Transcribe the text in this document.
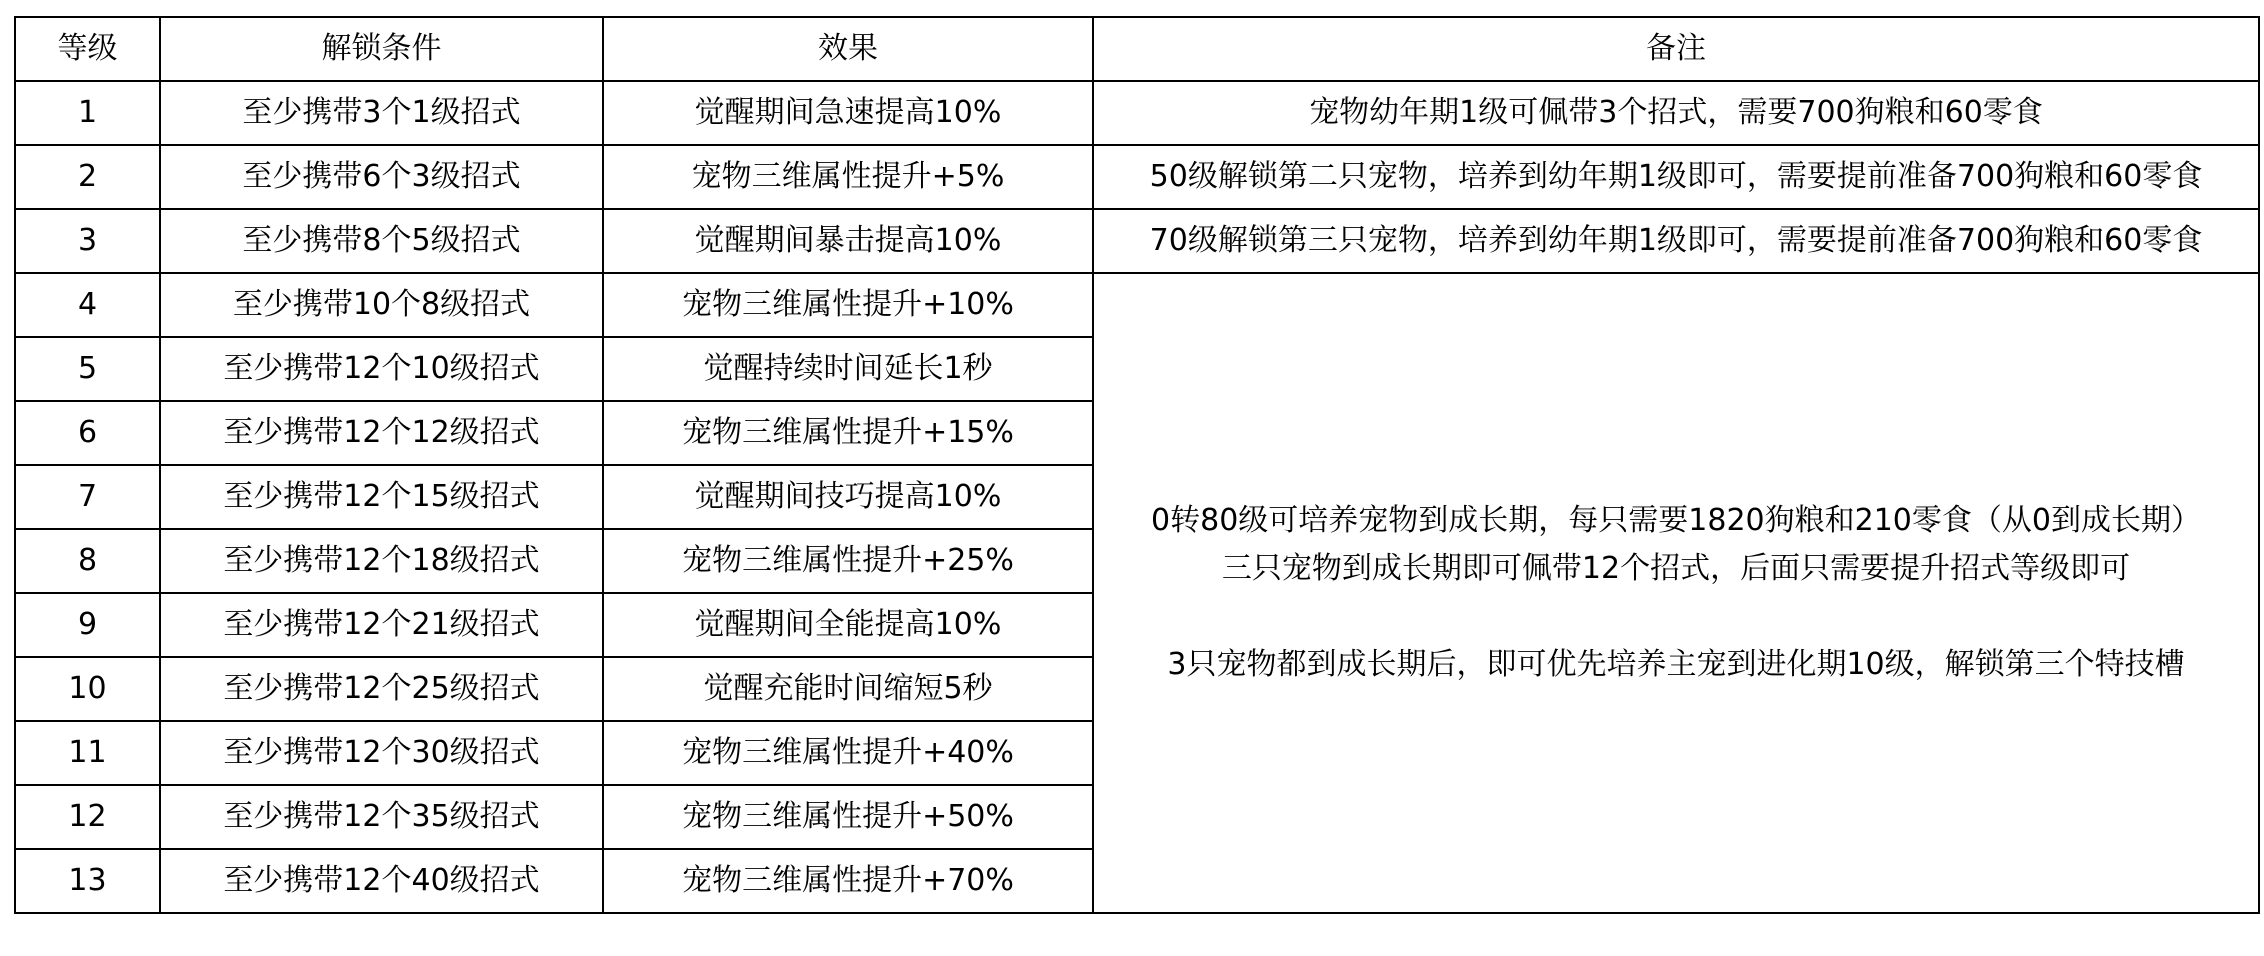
等级	解锁条件	效果	备注
1	至少携带3个1级招式	觉醒期间急速提高10%	宠物幼年期1级可佩带3个招式，需要700狗粮和60零食
2	至少携带6个3级招式	宠物三维属性提升+5%	50级解锁第二只宠物，培养到幼年期1级即可，需要提前准备700狗粮和60零食
3	至少携带8个5级招式	觉醒期间暴击提高10%	70级解锁第三只宠物，培养到幼年期1级即可，需要提前准备700狗粮和60零食
4	至少携带10个8级招式	宠物三维属性提升+10%	0转80级可培养宠物到成长期，每只需要1820狗粮和210零食（从0到成长期）
三只宠物到成长期即可佩带12个招式，后面只需要提升招式等级即可
3只宠物都到成长期后，即可优先培养主宠到进化期10级，解锁第三个特技槽

5	至少携带12个10级招式	觉醒持续时间延长1秒	
6	至少携带12个12级招式	宠物三维属性提升+15%	
7	至少携带12个15级招式	觉醒期间技巧提高10%	
8	至少携带12个18级招式	宠物三维属性提升+25%	
9	至少携带12个21级招式	觉醒期间全能提高10%	
10	至少携带12个25级招式	觉醒充能时间缩短5秒	
11	至少携带12个30级招式	宠物三维属性提升+40%	
12	至少携带12个35级招式	宠物三维属性提升+50%	
13	至少携带12个40级招式	宠物三维属性提升+70%	
